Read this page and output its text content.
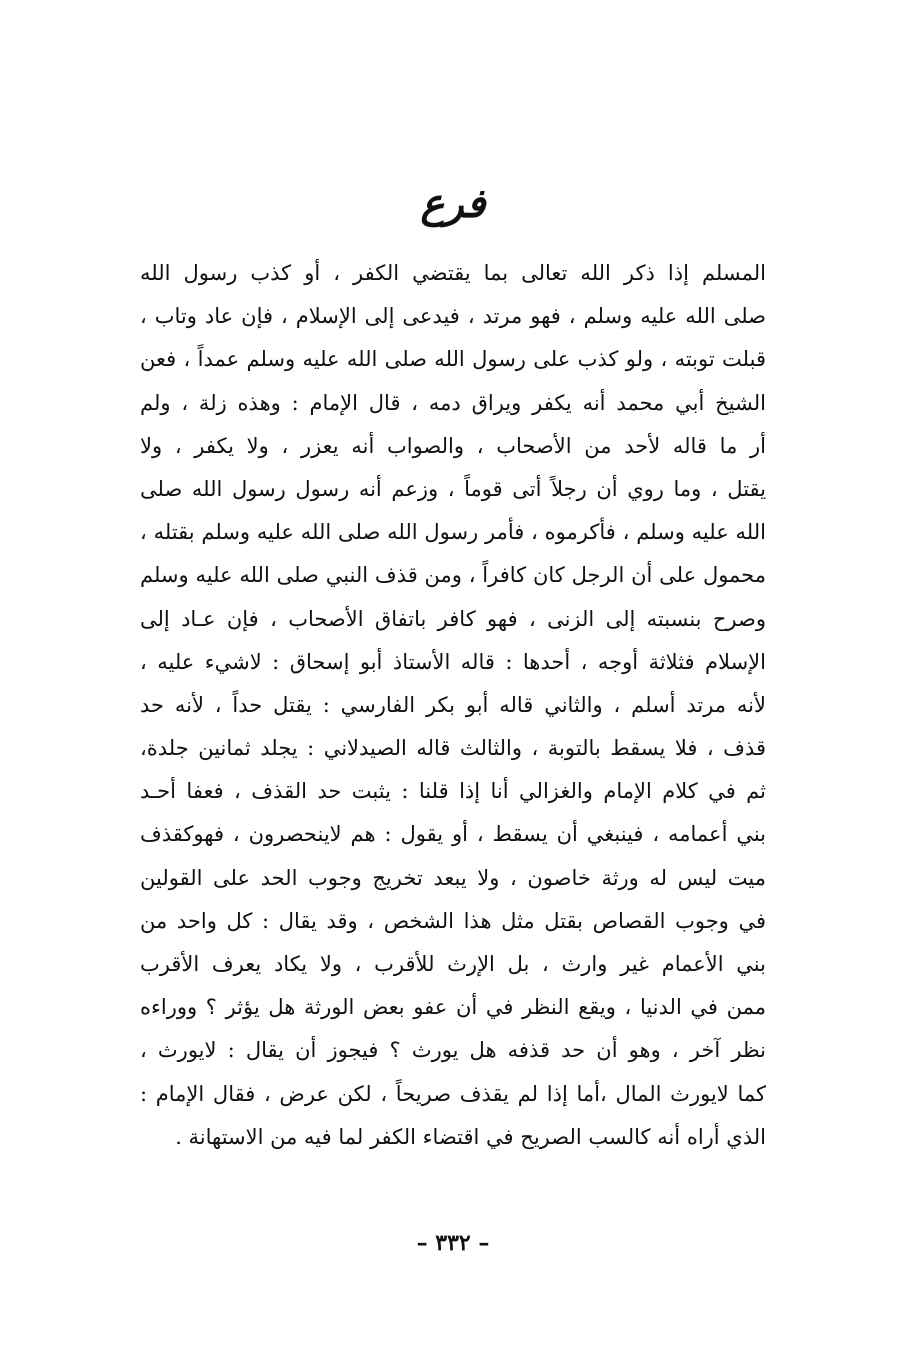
فرع
المسلم إذا ذكر الله تعالى بما يقتضي الكفر ، أو كذب رسول الله
صلى الله عليه وسلم ، فهو مرتد ، فيدعى إلى الإسلام ، فإن عاد وتاب ،
قبلت توبته ، ولو كذب على رسول الله صلى الله عليه وسلم عمداً ، فعن
الشيخ أبي محمد أنه يكفر ويراق دمه ، قال الإمام : وهذه زلة ، ولم
أر ما قاله لأحد من الأصحاب ، والصواب أنه يعزر ، ولا يكفر ، ولا
يقتل ، وما روي أن رجلاً أتى قوماً ، وزعم أنه رسول رسول الله صلى
الله عليه وسلم ، فأكرموه ، فأمر رسول الله صلى الله عليه وسلم بقتله ،
محمول على أن الرجل كان كافراً ، ومن قذف النبي صلى الله عليه وسلم
وصرح بنسبته إلى الزنى ، فهو كافر باتفاق الأصحاب ، فإن عـاد إلى
الإسلام فثلاثة أوجه ، أحدها : قاله الأستاذ أبو إسحاق : لاشيء عليه ،
لأنه مرتد أسلم ، والثاني قاله أبو بكر الفارسي : يقتل حداً ، لأنه حد
قذف ، فلا يسقط بالتوبة ، والثالث قاله الصيدلاني : يجلد ثمانين جلدة،
ثم في كلام الإمام والغزالي أنا إذا قلنا : يثبت حد القذف ، فعفا أحـد
بني أعمامه ، فينبغي أن يسقط ، أو يقول : هم لاينحصرون ، فهوكقذف
ميت ليس له ورثة خاصون ، ولا يبعد تخريج وجوب الحد على القولين
في وجوب القصاص بقتل مثل هذا الشخص ، وقد يقال : كل واحد من
بني الأعمام غير وارث ، بل الإرث للأقرب ، ولا يكاد يعرف الأقرب
ممن في الدنيا ، ويقع النظر في أن عفو بعض الورثة هل يؤثر ؟ ووراءه
نظر آخر ، وهو أن حد قذفه هل يورث ؟ فيجوز أن يقال : لايورث ،
كما لايورث المال ،أما إذا لم يقذف صريحاً ، لكن عرض ، فقال الإمام :
الذي أراه أنه كالسب الصريح في اقتضاء الكفر لما فيه من الاستهانة .
– ٣٣٢ –
